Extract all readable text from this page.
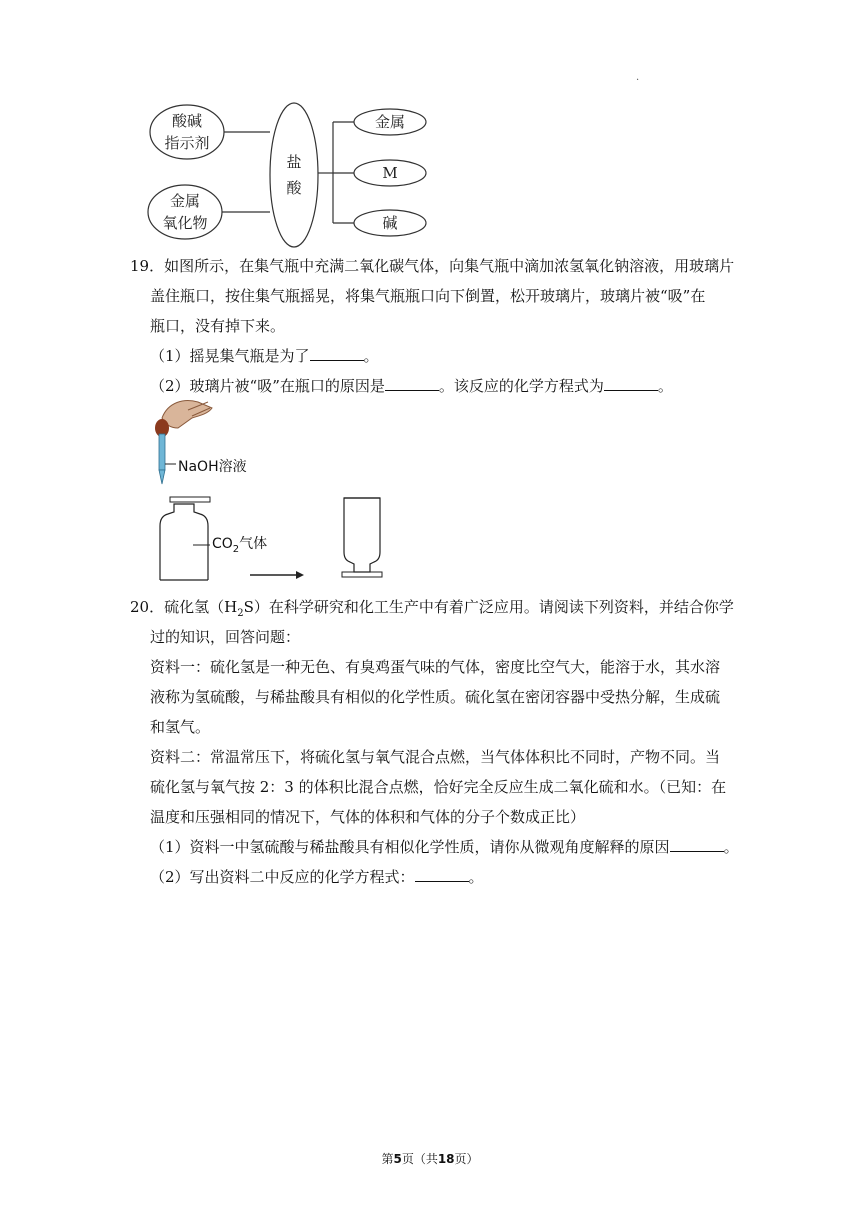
.
盐酸
酸碱
指示剂
金属
氧化物
金属
M
碱
19．如图所示，在集气瓶中充满二氧化碳气体，向集气瓶中滴加浓氢氧化钠溶液，用玻璃片
盖住瓶口，按住集气瓶摇晃，将集气瓶瓶口向下倒置，松开玻璃片，玻璃片被“吸”在
瓶口，没有掉下来。
（1）摇晃集气瓶是为了	。
（2）玻璃片被“吸”在瓶口的原因是	。该反应的化学方程式为	。
NaOH溶液
$CO_2$气体
20．硫化氢$(H_2S)$在科学研究和化工生产中有着广泛应用。请阅读下列资料，并结合你学
过的知识，回答问题：
资料一：硫化氢是一种无色、有臭鸡蛋气味的气体，密度比空气大，能溶于水，其水溶
液称为氢硫酸，与稀盐酸具有相似的化学性质。硫化氢在密闭容器中受热分解，生成硫
和氢气。
资料二：常温常压下，将硫化氢与氧气混合点燃，当气体体积比不同时，产物不同。当
硫化氢与氧气按 2：3 的体积比混合点燃，恰好完全反应生成二氧化硫和水。（已知：在
温度和压强相同的情况下，气体的体积和气体的分子个数成正比）
（1）资料一中氢硫酸与稀盐酸具有相似化学性质，请你从微观角度解释的原因	。
（2）写出资料二中反应的化学方程式：	。
第5页（共18页）
